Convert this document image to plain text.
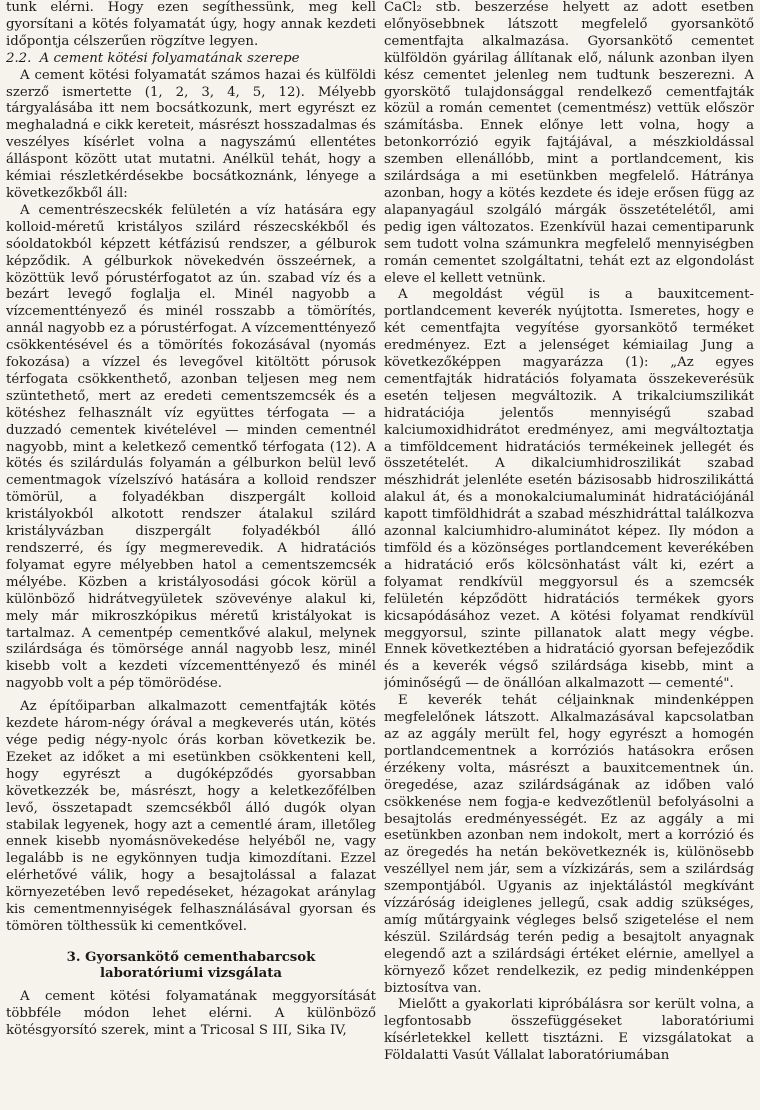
tunk elérni. Hogy ezen segíthessünk, meg kell gyorsítani a kötés folyamatát úgy, hogy annak kezdeti időpontja célszerűen rögzítve legyen.

2.2. A cement kötési folyamatának szerepe

A cement kötési folyamatát számos hazai és külföldi szerző ismertette (1, 2, 3, 4, 5, 12). Mélyebb tárgyalásába itt nem bocsátkozunk, mert egyrészt ez meghaladná e cikk kereteit, másrészt hosszadalmas és veszélyes kísérlet volna a nagyszámú ellentétes álláspont között utat mutatni. Anélkül tehát, hogy a kémiai részletkérdésekbe bocsátkoznánk, lényege a következőkből áll:

A cementrészecskék felületén a víz hatására egy kolloid-méretű kristályos szilárd részecskékből és sóoldatokból képzett kétfázisú rendszer, a gélburok képződik. A gélburkok növekedvén összeérnek, a közöttük levő pórustérfogatot az ún. szabad víz és a bezárt levegő foglalja el. Minél nagyobb a vízcementtényező és minél rosszabb a tömörítés, annál nagyobb ez a pórustérfogat. A vízcementtényező csökkentésével és a tömörítés fokozásával (nyomás fokozása) a vízzel és levegővel kitöltött pórusok térfogata csökkenthető, azonban teljesen meg nem szüntethető, mert az eredeti cementszemcsék és a kötéshez felhasznált víz együttes térfogata — a duzzadó cementek kivételével — minden cementnél nagyobb, mint a keletkező cementkő térfogata (12). A kötés és szilárdulás folyamán a gélburkon belül levő cementmagok vízelszívó hatására a kolloid rendszer tömörül, a folyadékban diszpergált kolloid kristályokból alkotott rendszer átalakul szilárd kristályvázban diszpergált folyadékból álló rendszerré, és így megmerevedik. A hidratációs folyamat egyre mélyebben hatol a cementszemcsék mélyébe. Közben a kristályosodási gócok körül a különböző hidrátvegyületek szövevénye alakul ki, mely már mikroszkópikus méretű kristályokat is tartalmaz. A cementpép cementkővé alakul, melynek szilárdsága és tömörsége annál nagyobb lesz, minél kisebb volt a kezdeti vízcementtényező és minél nagyobb volt a pép tömörödése.

Az építőiparban alkalmazott cementfajták kötés kezdete három-négy órával a megkeverés után, kötés vége pedig négy-nyolc órás korban következik be. Ezeket az időket a mi esetünkben csökkenteni kell, hogy egyrészt a dugóképződés gyorsabban következzék be, másrészt, hogy a keletkezőfélben levő, összetapadt szemcsékből álló dugók olyan stabilak legyenek, hogy azt a cementlé áram, illetőleg ennek kisebb nyomásnövekedése helyéből ne, vagy legalább is ne egykönnyen tudja kimozdítani. Ezzel elérhetővé válik, hogy a besajtolással a falazat környezetében levő repedéseket, hézagokat aránylag kis cementmennyiségek felhasználásával gyorsan és tömören tölthessük ki cementkővel.

3. Gyorsankötő cementhabarcsok
laboratóriumi vizsgálata

A cement kötési folyamatának meggyorsítását többféle módon lehet elérni. A különböző kötésgyorsító szerek, mint a Tricosal S III, Sika IV,

CaCl₂ stb. beszerzése helyett az adott esetben előnyösebbnek látszott megfelelő gyorsankötő cementfajta alkalmazása. Gyorsankötő cementet külföldön gyárilag állítanak elő, nálunk azonban ilyen kész cementet jelenleg nem tudtunk beszerezni. A gyorskötő tulajdonsággal rendelkező cementfajták közül a román cementet (cementmész) vettük először számításba. Ennek előnye lett volna, hogy a betonkorrózió egyik fajtájával, a mészkioldással szemben ellenállóbb, mint a portlandcement, kis szilárdsága a mi esetünkben megfelelő. Hátránya azonban, hogy a kötés kezdete és ideje erősen függ az alapanyagául szolgáló márgák összetételétől, ami pedig igen változatos. Ezenkívül hazai cementiparunk sem tudott volna számunkra megfelelő mennyiségben román cementet szolgáltatni, tehát ezt az elgondolást eleve el kellett vetnünk.

A megoldást végül is a bauxitcement-portlandcement keverék nyújtotta. Ismeretes, hogy e két cementfajta vegyítése gyorsankötő terméket eredményez. Ezt a jelenséget kémiailag Jung a következőképpen magyarázza (1): „Az egyes cementfajták hidratációs folyamata összekeverésük esetén teljesen megváltozik. A trikalciumszilikát hidratációja jelentős mennyiségű szabad kalciumoxidhidrátot eredményez, ami megváltoztatja a timföldcement hidratációs termékeinek jellegét és összetételét. A dikalciumhidroszilikát szabad mészhidrát jelenléte esetén bázisosabb hidroszilikáttá alakul át, és a monokalciumaluminát hidratációjánál kapott timföldhidrát a szabad mészhidráttal találkozva azonnal kalciumhidro-aluminátot képez. Ily módon a timföld és a közönséges portlandcement keverékében a hidratáció erős kölcsönhatást vált ki, ezért a folyamat rendkívül meggyorsul és a szemcsék felületén képződött hidratációs termékek gyors kicsapódásához vezet. A kötési folyamat rendkívül meggyorsul, szinte pillanatok alatt megy végbe. Ennek következtében a hidratáció gyorsan befejeződik és a keverék végső szilárdsága kisebb, mint a jóminőségű — de önállóan alkalmazott — cementé".

E keverék tehát céljainknak mindenképpen megfelelőnek látszott. Alkalmazásával kapcsolatban az az aggály merült fel, hogy egyrészt a homogén portlandcementnek a korróziós hatásokra erősen érzékeny volta, másrészt a bauxitcementnek ún. öregedése, azaz szilárdságának az időben való csökkenése nem fogja-e kedvezőtlenül befolyásolni a besajtolás eredményességét. Ez az aggály a mi esetünkben azonban nem indokolt, mert a korrózió és az öregedés ha netán bekövetkeznék is, különösebb veszéllyel nem jár, sem a vízkizárás, sem a szilárdság szempontjából. Ugyanis az injektálástól megkívánt vízzáróság ideiglenes jellegű, csak addig szükséges, amíg műtárgyaink végleges belső szigetelése el nem készül. Szilárdság terén pedig a besajtolt anyagnak elegendő azt a szilárdsági értéket elérnie, amellyel a környező kőzet rendelkezik, ez pedig mindenképpen biztosítva van.

Mielőtt a gyakorlati kipróbálásra sor került volna, a legfontosabb összefüggéseket laboratóriumi kísérletekkel kellett tisztázni. E vizsgálatokat a Földalatti Vasút Vállalat laboratóriumában
